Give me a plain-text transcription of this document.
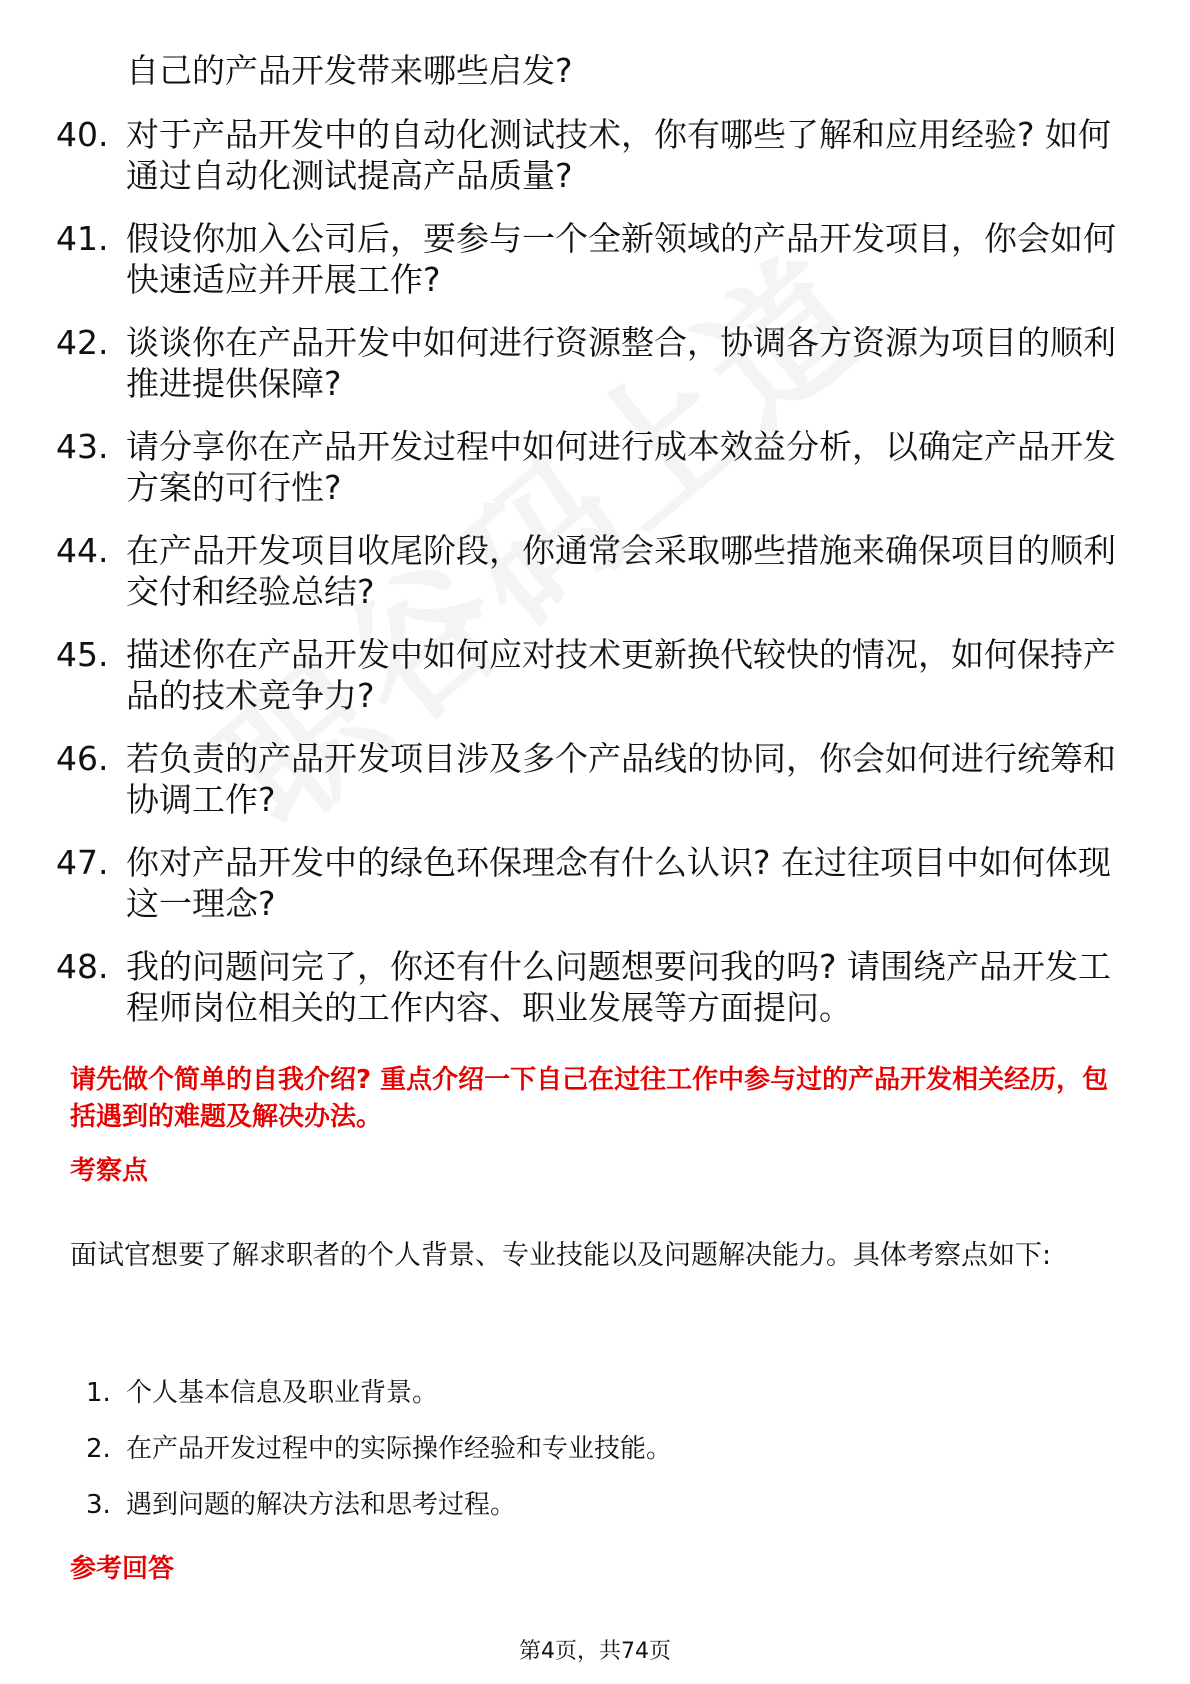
自己的产品开发带来哪些启发?

40. 对于产品开发中的自动化测试技术，你有哪些了解和应用经验? 如何通过自动化测试提高产品质量?
41. 假设你加入公司后，要参与一个全新领域的产品开发项目，你会如何快速适应并开展工作?
42. 谈谈你在产品开发中如何进行资源整合，协调各方资源为项目的顺利推进提供保障?
43. 请分享你在产品开发过程中如何进行成本效益分析，以确定产品开发方案的可行性?
44. 在产品开发项目收尾阶段，你通常会采取哪些措施来确保项目的顺利交付和经验总结?
45. 描述你在产品开发中如何应对技术更新换代较快的情况，如何保持产品的技术竞争力?
46. 若负责的产品开发项目涉及多个产品线的协同，你会如何进行统筹和协调工作?
47. 你对产品开发中的绿色环保理念有什么认识? 在过往项目中如何体现这一理念?
48. 我的问题问完了，你还有什么问题想要问我的吗? 请围绕产品开发工程师岗位相关的工作内容、职业发展等方面提问。

请先做个简单的自我介绍? 重点介绍一下自己在过往工作中参与过的产品开发相关经历，包括遇到的难题及解决办法。

考察点

面试官想要了解求职者的个人背景、专业技能以及问题解决能力。具体考察点如下:

1. 个人基本信息及职业背景。
2. 在产品开发过程中的实际操作经验和专业技能。
3. 遇到问题的解决方法和思考过程。
参考回答

第4页，共74页
